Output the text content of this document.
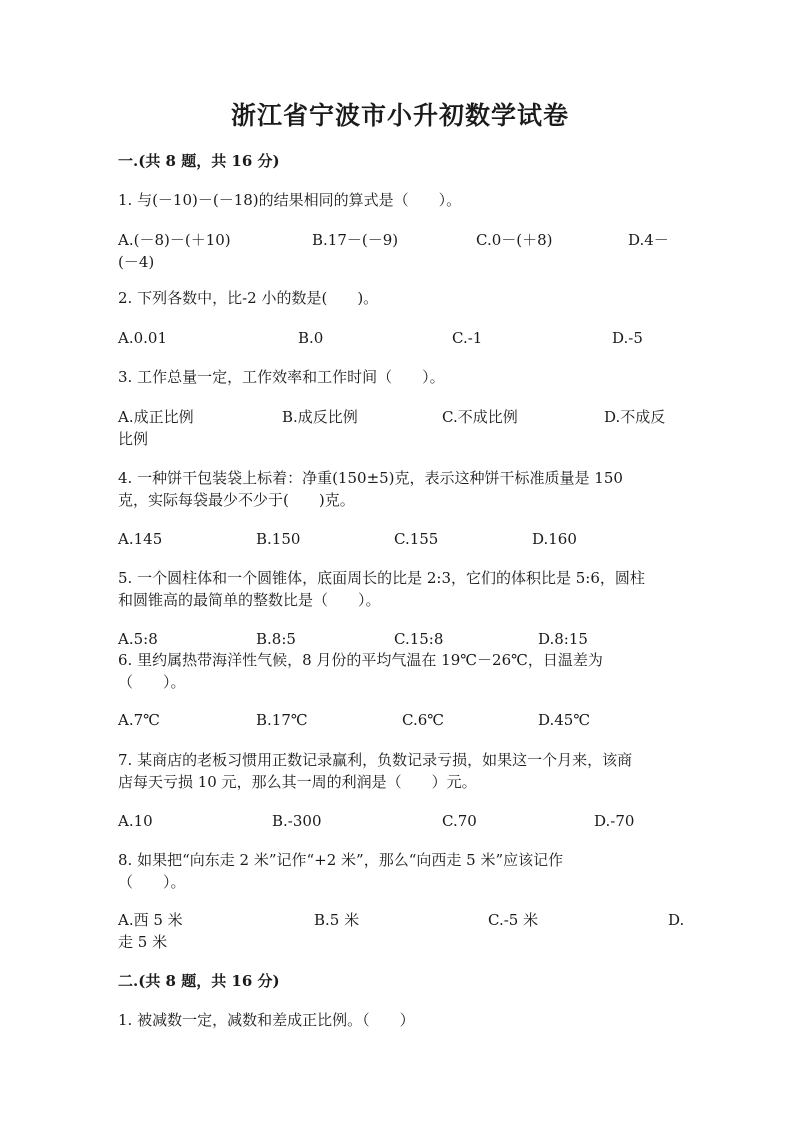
浙江省宁波市小升初数学试卷
一.(共 8 题，共 16 分)
1. 与(－10)－(－18)的结果相同的算式是（　　）。
A.(－8)－(＋10)	B.17－(－9)	C.0－(＋8)	D.4－
(－4)
2. 下列各数中，比-2 小的数是(　　)。
A.0.01	B.0	C.-1	D.-5
3. 工作总量一定，工作效率和工作时间（　　）。
A.成正比例	B.成反比例	C.不成比例	D.不成反
比例
4. 一种饼干包装袋上标着：净重(150±5)克，表示这种饼干标准质量是 150
克，实际每袋最少不少于(　　)克。
A.145	B.150	C.155	D.160
5. 一个圆柱体和一个圆锥体，底面周长的比是 2:3，它们的体积比是 5:6，圆柱
和圆锥高的最简单的整数比是（　　）。
A.5:8	B.8:5	C.15:8	D.8:15
6. 里约属热带海洋性气候，8 月份的平均气温在 19℃－26℃，日温差为
（　　）。
A.7℃	B.17℃	C.6℃	D.45℃
7. 某商店的老板习惯用正数记录赢利，负数记录亏损，如果这一个月来，该商
店每天亏损 10 元，那么其一周的利润是（　　）元。
A.10	B.-300	C.70	D.-70
8. 如果把“向东走 2 米”记作“+2 米”，那么“向西走 5 米”应该记作
（　　）。
A.西 5 米	B.5 米	C.-5 米	D.
走 5 米
二.(共 8 题，共 16 分)
1. 被减数一定，减数和差成正比例。（　　）
